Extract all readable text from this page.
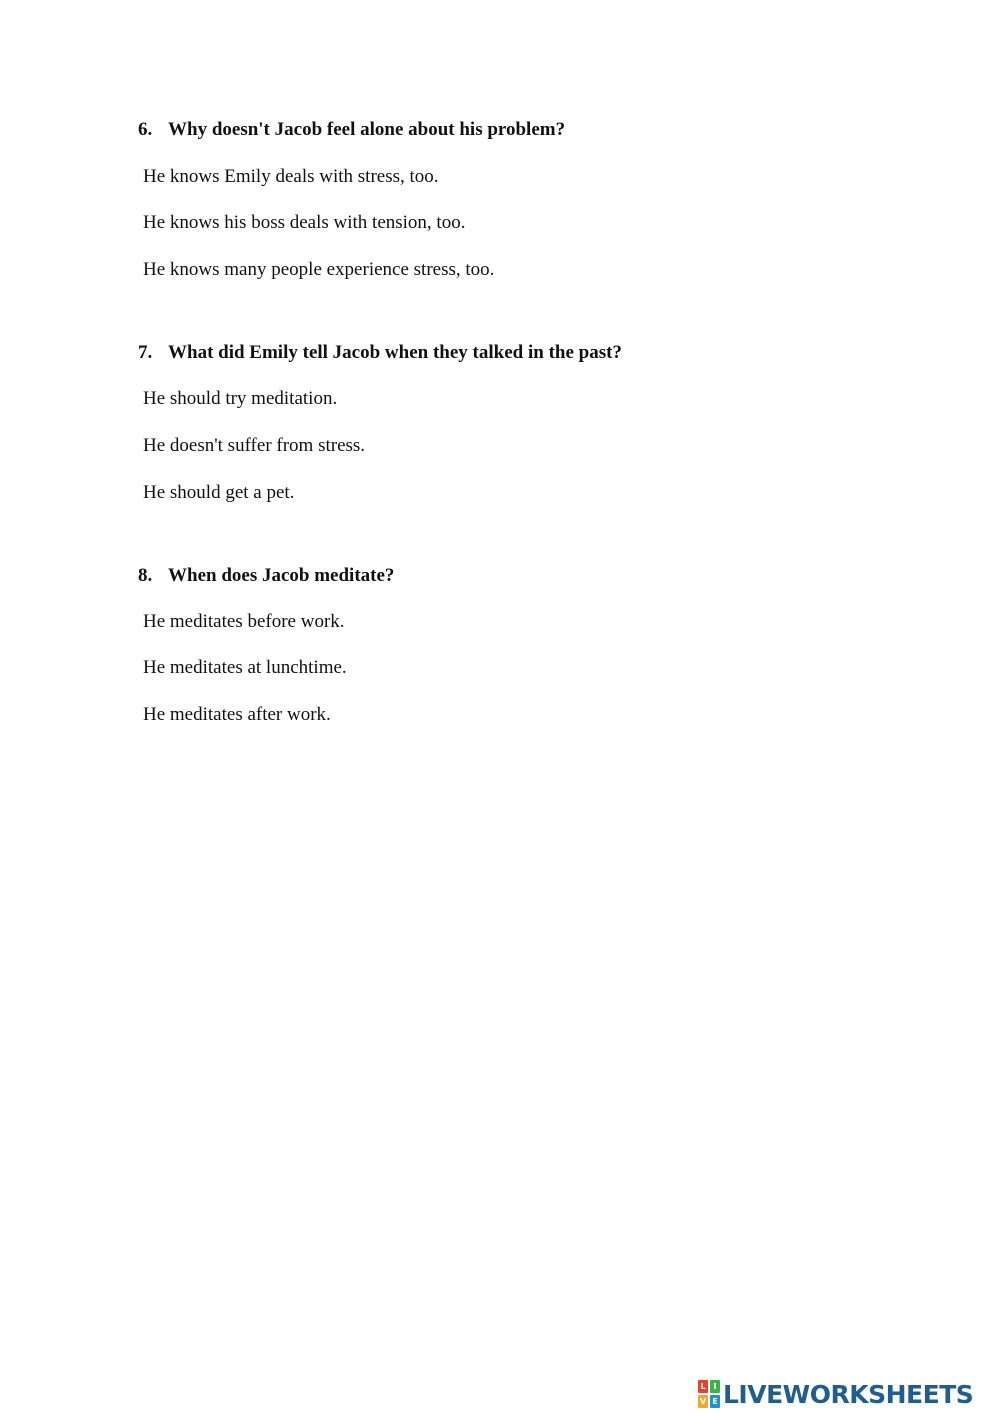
6. Why doesn't Jacob feel alone about his problem?
He knows Emily deals with stress, too.
He knows his boss deals with tension, too.
He knows many people experience stress, too.
7. What did Emily tell Jacob when they talked in the past?
He should try meditation.
He doesn't suffer from stress.
He should get a pet.
8. When does Jacob meditate?
He meditates before work.
He meditates at lunchtime.
He meditates after work.
L I
V E LIVEWORKSHEETS
